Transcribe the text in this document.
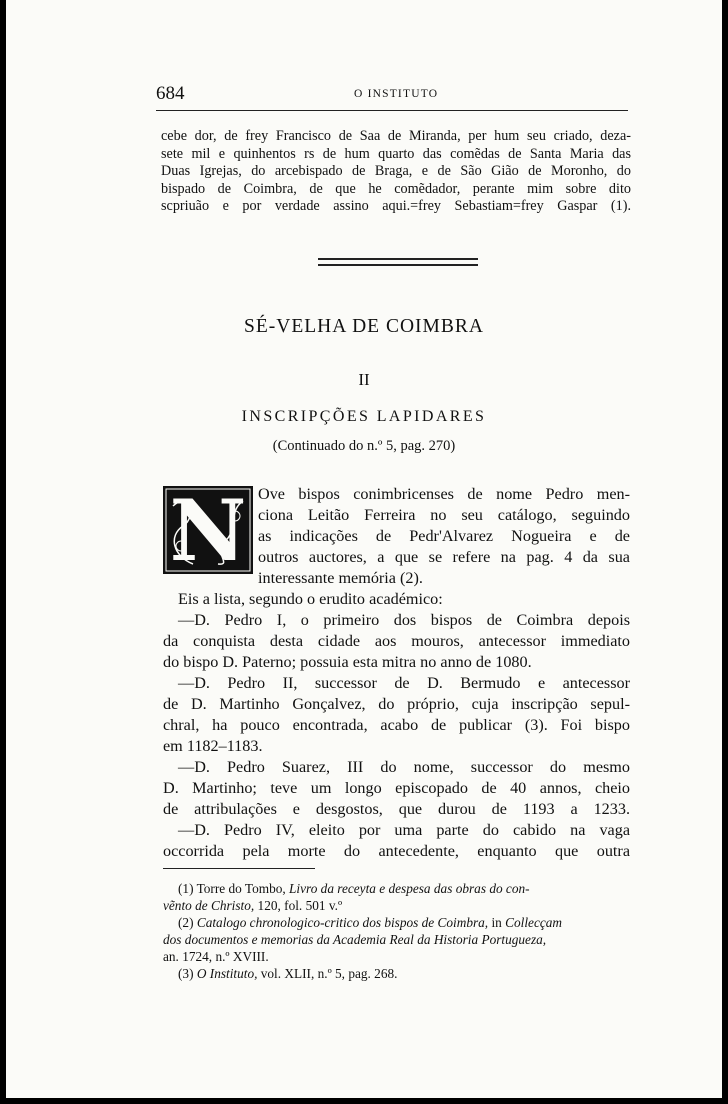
684	O INSTITUTO
cebe dor, de frey Francisco de Saa de Miranda, per hum seu criado, deza-
sete mil e quinhentos rs de hum quarto das comẽdas de Santa Maria das
Duas Igrejas, do arcebispado de Braga, e de São Gião de Moronho, do
bispado de Coimbra, de que he comẽdador, perante mim sobre dito
scpriuão e por verdade assino aqui.=frey Sebastiam=frey Gaspar (1).
SÉ-VELHA DE COIMBRA
II
INSCRIPÇÕES LAPIDARES
(Continuado do n.º 5, pag. 270)
N Ove bispos conimbricenses de nome Pedro men-
ciona Leitão Ferreira no seu catálogo, seguindo
as indicações de Pedr'Alvarez Nogueira e de
outros auctores, a que se refere na pag. 4 da sua
interessante memória (2).
Eis a lista, segundo o erudito académico:
—D. Pedro I, o primeiro dos bispos de Coimbra depois
da conquista desta cidade aos mouros, antecessor immediato
do bispo D. Paterno; possuia esta mitra no anno de 1080.
—D. Pedro II, successor de D. Bermudo e antecessor
de D. Martinho Gonçalvez, do próprio, cuja inscripção sepul-
chral, ha pouco encontrada, acabo de publicar (3). Foi bispo
em 1182–1183.
—D. Pedro Suarez, III do nome, successor do mesmo
D. Martinho; teve um longo episcopado de 40 annos, cheio
de attribulações e desgostos, que durou de 1193 a 1233.
—D. Pedro IV, eleito por uma parte do cabido na vaga
occorrida pela morte do antecedente, enquanto que outra
(1) Torre do Tombo, Livro da receyta e despesa das obras do con-
vẽnto de Christo, 120, fol. 501 v.º
(2) Catalogo chronologico-critico dos bispos de Coimbra, in Collecçam
dos documentos e memorias da Academia Real da Historia Portugueza,
an. 1724, n.º XVIII.
(3) O Instituto, vol. XLII, n.º 5, pag. 268.
